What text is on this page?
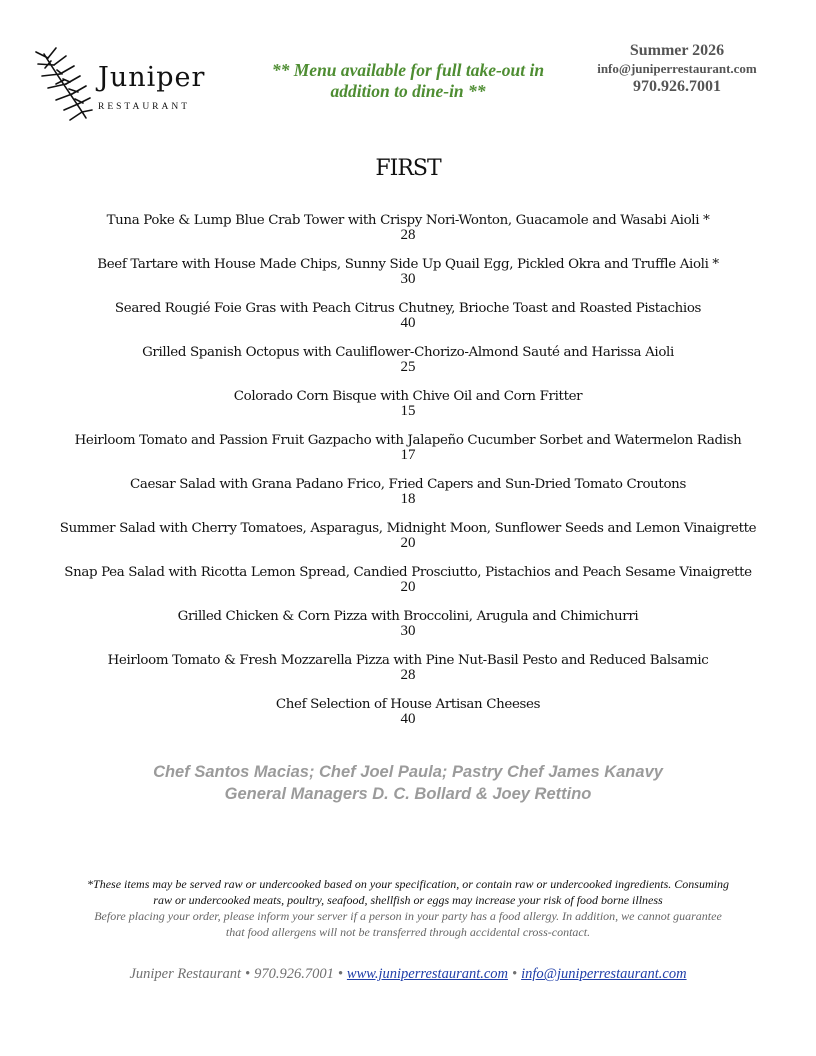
Juniper
RESTAURANT
** Menu available for full take-out in
addition to dine-in **
Summer 2026
info@juniperrestaurant.com
970.926.7001
FIRST
Tuna Poke & Lump Blue Crab Tower with Crispy Nori-Wonton, Guacamole and Wasabi Aioli *
28
Beef Tartare with House Made Chips, Sunny Side Up Quail Egg, Pickled Okra and Truffle Aioli *
30
Seared Rougié Foie Gras with Peach Citrus Chutney, Brioche Toast and Roasted Pistachios
40
Grilled Spanish Octopus with Cauliflower-Chorizo-Almond Sauté and Harissa Aioli
25
Colorado Corn Bisque with Chive Oil and Corn Fritter
15
Heirloom Tomato and Passion Fruit Gazpacho with Jalapeño Cucumber Sorbet and Watermelon Radish
17
Caesar Salad with Grana Padano Frico, Fried Capers and Sun-Dried Tomato Croutons
18
Summer Salad with Cherry Tomatoes, Asparagus, Midnight Moon, Sunflower Seeds and Lemon Vinaigrette
20
Snap Pea Salad with Ricotta Lemon Spread, Candied Prosciutto, Pistachios and Peach Sesame Vinaigrette
20
Grilled Chicken & Corn Pizza with Broccolini, Arugula and Chimichurri
30
Heirloom Tomato & Fresh Mozzarella Pizza with Pine Nut-Basil Pesto and Reduced Balsamic
28
Chef Selection of House Artisan Cheeses
40
Chef Santos Macias; Chef Joel Paula; Pastry Chef James Kanavy
General Managers D. C. Bollard & Joey Rettino
*These items may be served raw or undercooked based on your specification, or contain raw or undercooked ingredients. Consuming
raw or undercooked meats, poultry, seafood, shellfish or eggs may increase your risk of food borne illness
Before placing your order, please inform your server if a person in your party has a food allergy. In addition, we cannot guarantee
that food allergens will not be transferred through accidental cross-contact.
Juniper Restaurant • 970.926.7001 • www.juniperrestaurant.com • info@juniperrestaurant.com
